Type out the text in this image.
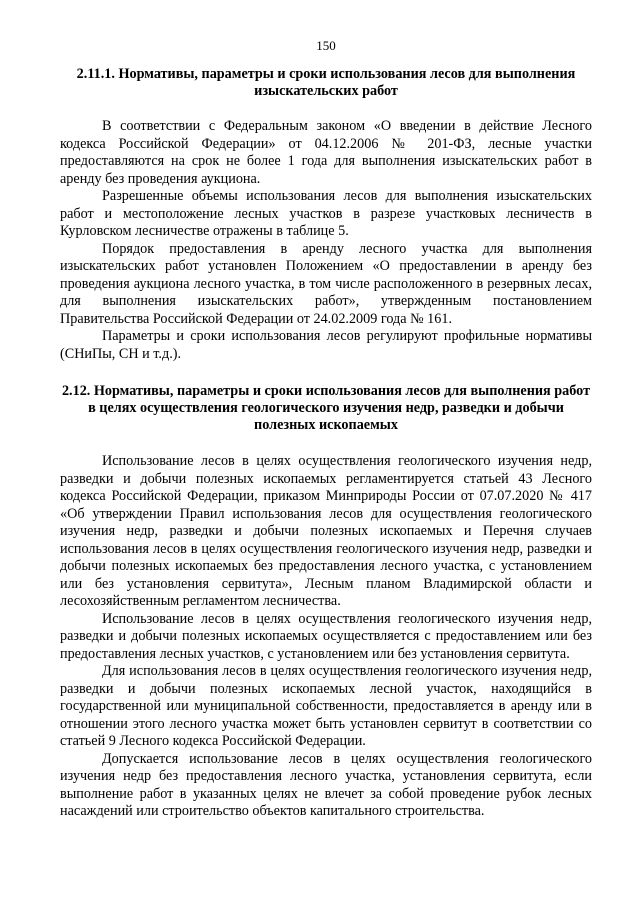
150
2.11.1. Нормативы, параметры и сроки использования лесов для выполнения изыскательских работ

В соответствии с Федеральным законом «О введении в действие Лесного кодекса Российской Федерации» от 04.12.2006 № 201-ФЗ, лесные участки предоставляются на срок не более 1 года для выполнения изыскательских работ в аренду без проведения аукциона.

Разрешенные объемы использования лесов для выполнения изыскательских работ и местоположение лесных участков в разрезе участковых лесничеств в Курловском лесничестве отражены в таблице 5.

Порядок предоставления в аренду лесного участка для выполнения изыскательских работ установлен Положением «О предоставлении в аренду без проведения аукциона лесного участка, в том числе расположенного в резервных лесах, для выполнения изыскательских работ», утвержденным постановлением Правительства Российской Федерации от 24.02.2009 года № 161.

Параметры и сроки использования лесов регулируют профильные нормативы (СНиПы, СН и т.д.).

2.12. Нормативы, параметры и сроки использования лесов для выполнения работ в целях осуществления геологического изучения недр, разведки и добычи полезных ископаемых

Использование лесов в целях осуществления геологического изучения недр, разведки и добычи полезных ископаемых регламентируется статьей 43 Лесного кодекса Российской Федерации, приказом Минприроды России от 07.07.2020 № 417 «Об утверждении Правил использования лесов для осуществления геологического изучения недр, разведки и добычи полезных ископаемых и Перечня случаев использования лесов в целях осуществления геологического изучения недр, разведки и добычи полезных ископаемых без предоставления лесного участка, с установлением или без установления сервитута», Лесным планом Владимирской области и лесохозяйственным регламентом лесничества.

Использование лесов в целях осуществления геологического изучения недр, разведки и добычи полезных ископаемых осуществляется с предоставлением или без предоставления лесных участков, с установлением или без установления сервитута.

Для использования лесов в целях осуществления геологического изучения недр, разведки и добычи полезных ископаемых лесной участок, находящийся в государственной или муниципальной собственности, предоставляется в аренду или в отношении этого лесного участка может быть установлен сервитут в соответствии со статьей 9 Лесного кодекса Российской Федерации.

Допускается использование лесов в целях осуществления геологического изучения недр без предоставления лесного участка, установления сервитута, если выполнение работ в указанных целях не влечет за собой проведение рубок лесных насаждений или строительство объектов капитального строительства.
